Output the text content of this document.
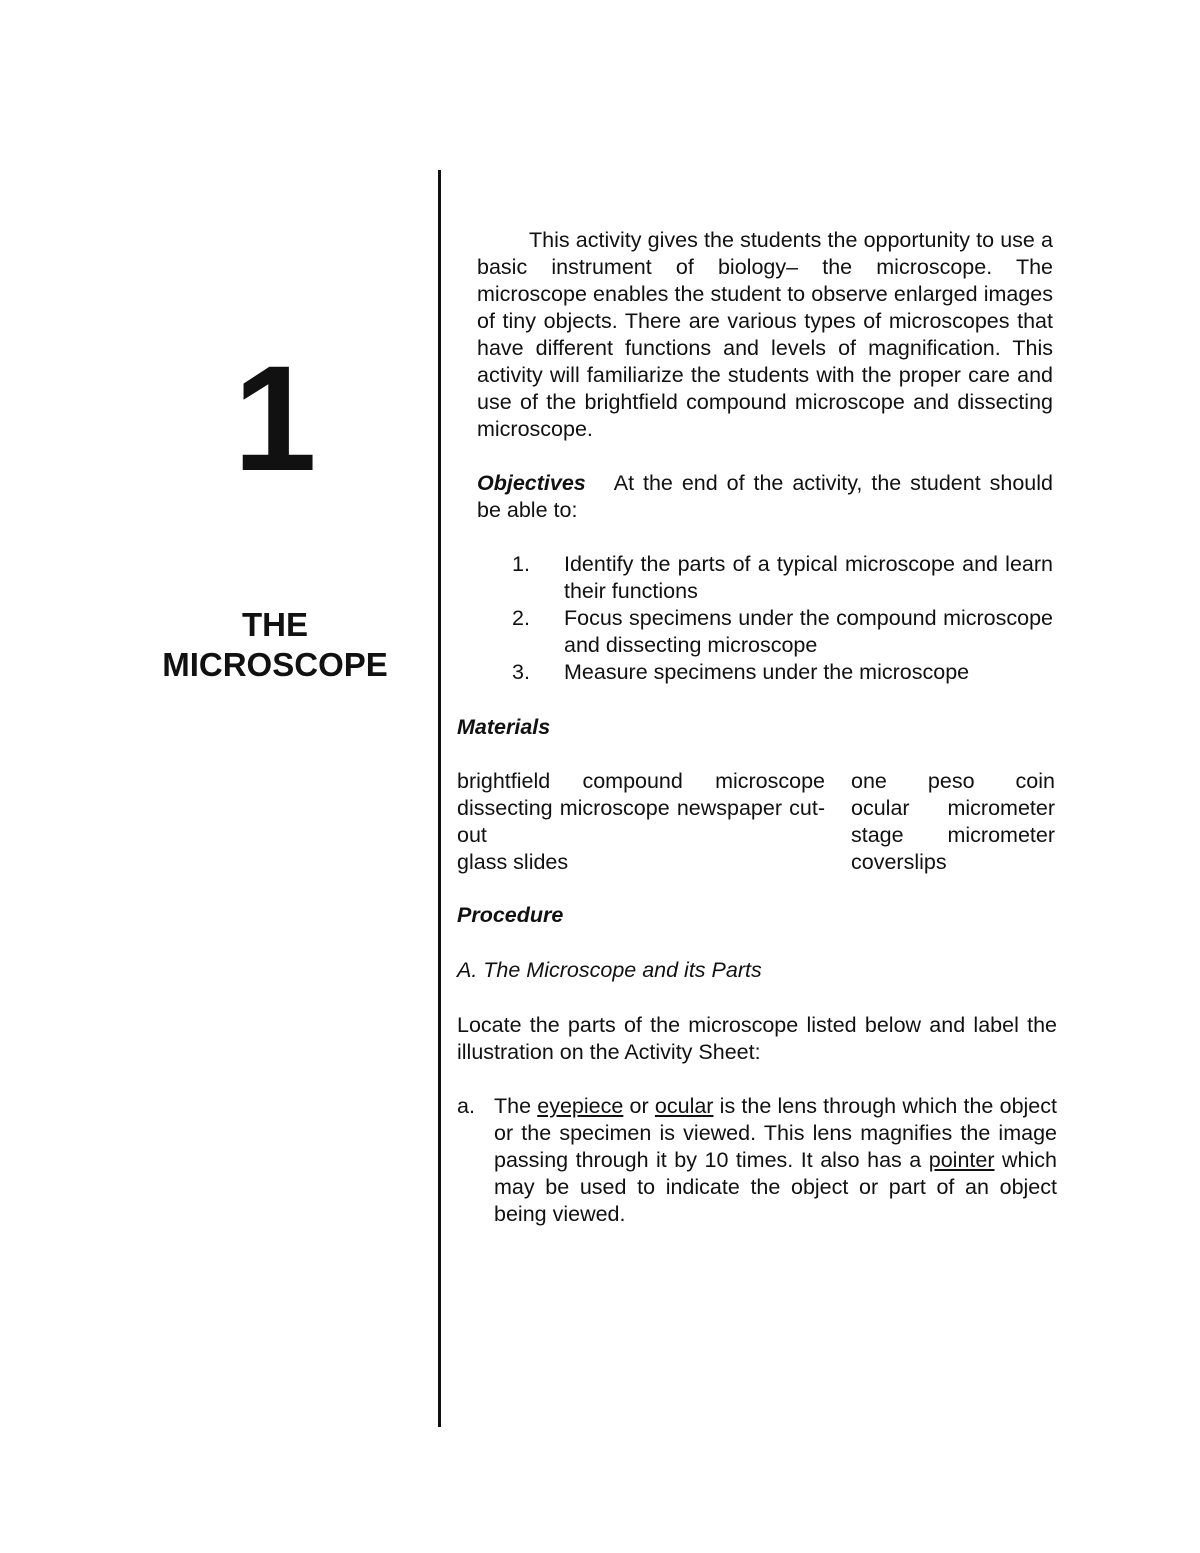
1
THE
MICROSCOPE

This activity gives the students the opportunity to use a basic instrument of biology– the microscope. The microscope enables the student to observe enlarged images of tiny objects. There are various types of microscopes that have different functions and levels of magnification. This activity will familiarize the students with the proper care and use of the brightfield compound microscope and dissecting microscope.

Objectives At the end of the activity, the student should be able to:

1. Identify the parts of a typical microscope and learn their functions
2. Focus specimens under the compound microscope and dissecting microscope
3. Measure specimens under the microscope

Materials

brightfield compound microscope dissecting microscope newspaper cut-out
glass slides
one peso coin
ocular micrometer
stage micrometer
coverslips

Procedure

A. The Microscope and its Parts

Locate the parts of the microscope listed below and label the illustration on the Activity Sheet:

a. The eyepiece or ocular is the lens through which the object or the specimen is viewed. This lens magnifies the image passing through it by 10 times. It also has a pointer which may be used to indicate the object or part of an object being viewed.
